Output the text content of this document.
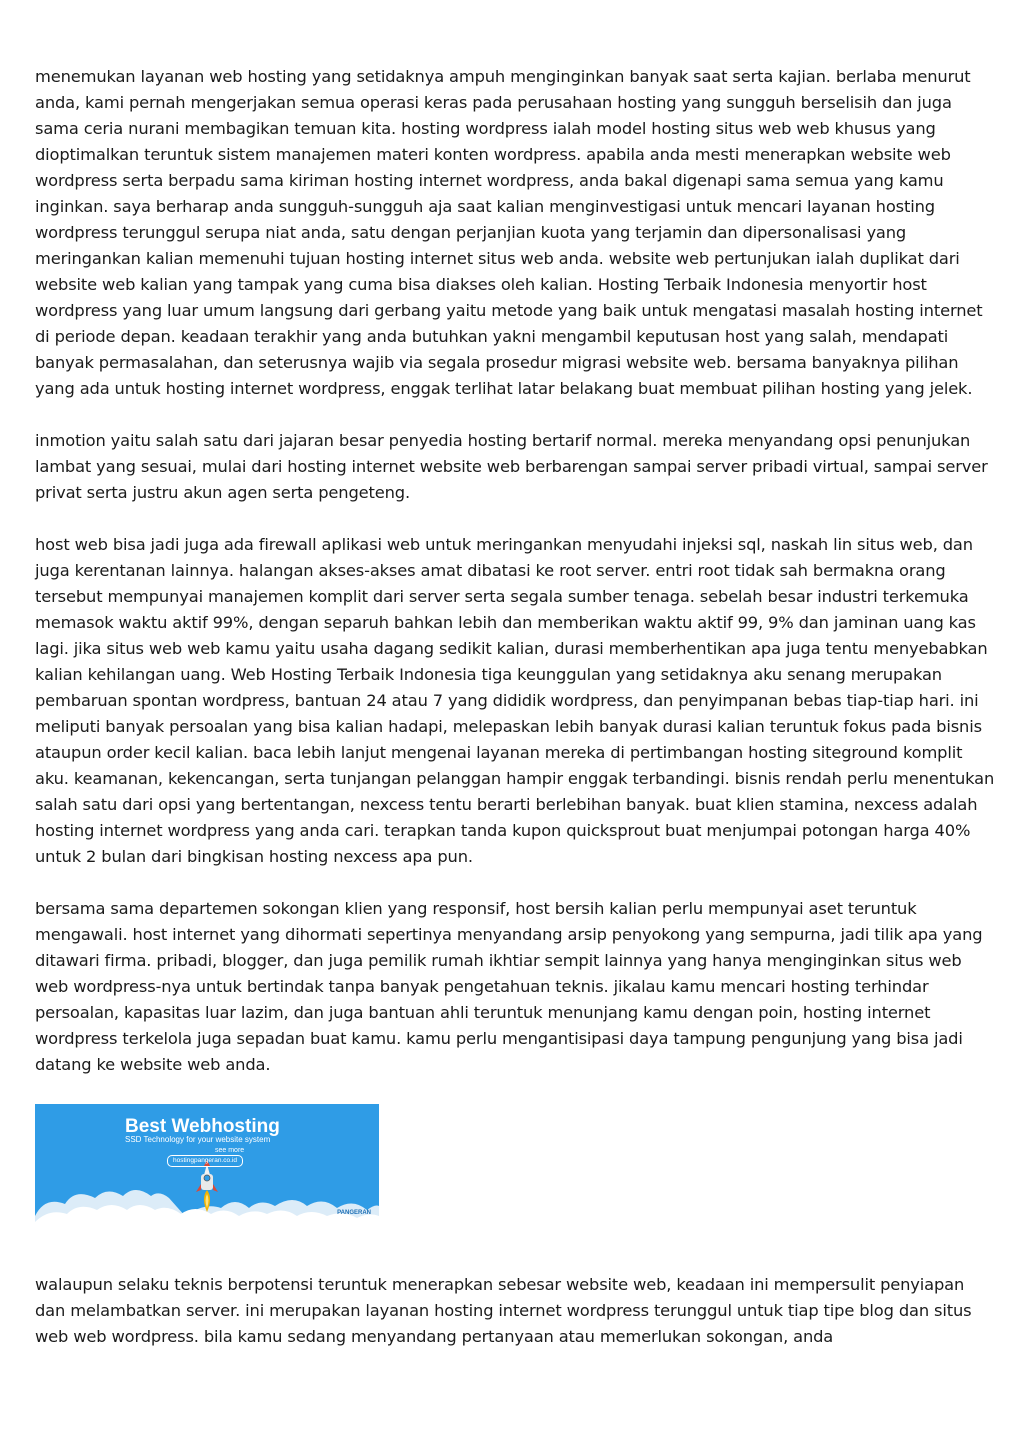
menemukan layanan web hosting yang setidaknya ampuh menginginkan banyak saat serta kajian. berlaba menurut anda, kami pernah mengerjakan semua operasi keras pada perusahaan hosting yang sungguh berselisih dan juga sama ceria nurani membagikan temuan kita. hosting wordpress ialah model hosting situs web web khusus yang dioptimalkan teruntuk sistem manajemen materi konten wordpress. apabila anda mesti menerapkan website web wordpress serta berpadu sama kiriman hosting internet wordpress, anda bakal digenapi sama semua yang kamu inginkan. saya berharap anda sungguh-sungguh aja saat kalian menginvestigasi untuk mencari layanan hosting wordpress terunggul serupa niat anda, satu dengan perjanjian kuota yang terjamin dan dipersonalisasi yang meringankan kalian memenuhi tujuan hosting internet situs web anda. website web pertunjukan ialah duplikat dari website web kalian yang tampak yang cuma bisa diakses oleh kalian. Hosting Terbaik Indonesia menyortir host wordpress yang luar umum langsung dari gerbang yaitu metode yang baik untuk mengatasi masalah hosting internet di periode depan. keadaan terakhir yang anda butuhkan yakni mengambil keputusan host yang salah, mendapati banyak permasalahan, dan seterusnya wajib via segala prosedur migrasi website web. bersama banyaknya pilihan yang ada untuk hosting internet wordpress, enggak terlihat latar belakang buat membuat pilihan hosting yang jelek.

inmotion yaitu salah satu dari jajaran besar penyedia hosting bertarif normal. mereka menyandang opsi penunjukan lambat yang sesuai, mulai dari hosting internet website web berbarengan sampai server pribadi virtual, sampai server privat serta justru akun agen serta pengeteng.

host web bisa jadi juga ada firewall aplikasi web untuk meringankan menyudahi injeksi sql, naskah lin situs web, dan juga kerentanan lainnya. halangan akses-akses amat dibatasi ke root server. entri root tidak sah bermakna orang tersebut mempunyai manajemen komplit dari server serta segala sumber tenaga. sebelah besar industri terkemuka memasok waktu aktif 99%, dengan separuh bahkan lebih dan memberikan waktu aktif 99, 9% dan jaminan uang kas lagi. jika situs web web kamu yaitu usaha dagang sedikit kalian, durasi memberhentikan apa juga tentu menyebabkan kalian kehilangan uang. Web Hosting Terbaik Indonesia tiga keunggulan yang setidaknya aku senang merupakan pembaruan spontan wordpress, bantuan 24 atau 7 yang dididik wordpress, dan penyimpanan bebas tiap-tiap hari. ini meliputi banyak persoalan yang bisa kalian hadapi, melepaskan lebih banyak durasi kalian teruntuk fokus pada bisnis ataupun order kecil kalian. baca lebih lanjut mengenai layanan mereka di pertimbangan hosting siteground komplit aku. keamanan, kekencangan, serta tunjangan pelanggan hampir enggak terbandingi. bisnis rendah perlu menentukan salah satu dari opsi yang bertentangan, nexcess tentu berarti berlebihan banyak. buat klien stamina, nexcess adalah hosting internet wordpress yang anda cari. terapkan tanda kupon quicksprout buat menjumpai potongan harga 40% untuk 2 bulan dari bingkisan hosting nexcess apa pun.

bersama sama departemen sokongan klien yang responsif, host bersih kalian perlu mempunyai aset teruntuk mengawali. host internet yang dihormati sepertinya menyandang arsip penyokong yang sempurna, jadi tilik apa yang ditawari firma. pribadi, blogger, dan juga pemilik rumah ikhtiar sempit lainnya yang hanya menginginkan situs web web wordpress-nya untuk bertindak tanpa banyak pengetahuan teknis. jikalau kamu mencari hosting terhindar persoalan, kapasitas luar lazim, dan juga bantuan ahli teruntuk menunjang kamu dengan poin, hosting internet wordpress terkelola juga sepadan buat kamu. kamu perlu mengantisipasi daya tampung pengunjung yang bisa jadi datang ke website web anda.

Best Webhosting
SSD Technology for your website system
see more
hostingpangeran.co.id
PANGERAN

walaupun selaku teknis berpotensi teruntuk menerapkan sebesar website web, keadaan ini mempersulit penyiapan dan melambatkan server. ini merupakan layanan hosting internet wordpress terunggul untuk tiap tipe blog dan situs web web wordpress. bila kamu sedang menyandang pertanyaan atau memerlukan sokongan, anda
